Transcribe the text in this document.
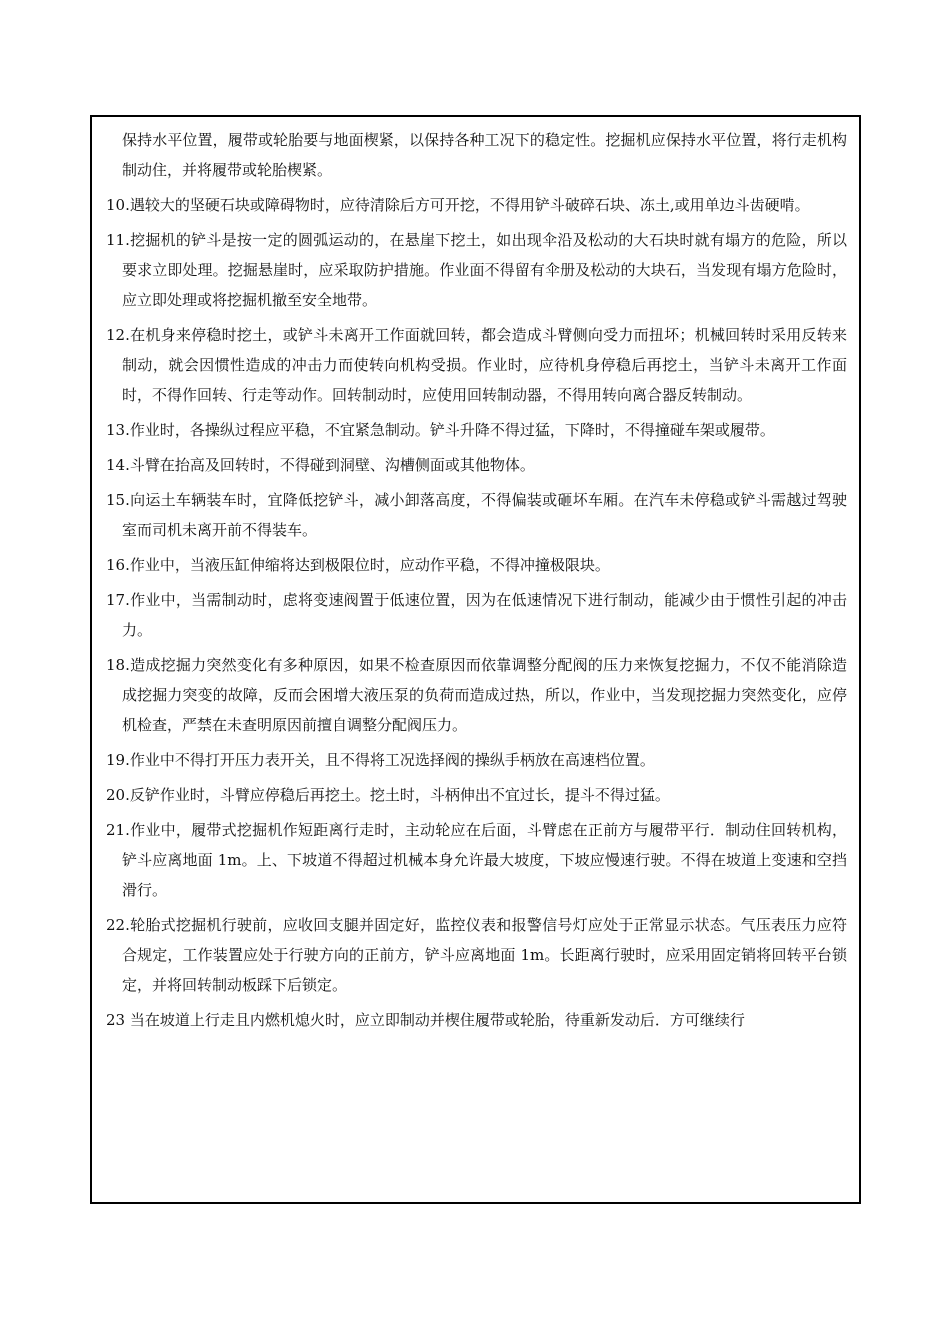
保持水平位置，履带或轮胎要与地面楔紧，以保持各种工况下的稳定性。挖掘机应保持水平位置，将行走机构制动住，并将履带或轮胎楔紧。
10.遇较大的坚硬石块或障碍物时，应待清除后方可开挖，不得用铲斗破碎石块、冻土,或用单边斗齿硬啃。
11.挖掘机的铲斗是按一定的圆弧运动的，在悬崖下挖土，如出现伞沿及松动的大石块时就有塌方的危险，所以要求立即处理。挖掘悬崖时，应采取防护措施。作业面不得留有伞册及松动的大块石，当发现有塌方危险时，应立即处理或将挖掘机撤至安全地带。
12.在机身来停稳时挖土，或铲斗未离开工作面就回转，都会造成斗臂侧向受力而扭坏；机械回转时采用反转来制动，就会因惯性造成的冲击力而使转向机构受损。作业时，应待机身停稳后再挖土，当铲斗未离开工作面时，不得作回转、行走等动作。回转制动时，应使用回转制动器，不得用转向离合器反转制动。
13.作业时，各操纵过程应平稳，不宜紧急制动。铲斗升降不得过猛，下降时，不得撞碰车架或履带。
14.斗臂在抬高及回转时，不得碰到洞壁、沟槽侧面或其他物体。
15.向运土车辆装车时，宜降低挖铲斗，减小卸落高度，不得偏装或砸坏车厢。在汽车未停稳或铲斗需越过驾驶室而司机未离开前不得装车。
16.作业中，当液压缸伸缩将达到极限位时，应动作平稳，不得冲撞极限块。
17.作业中，当需制动时，虑将变速阀置于低速位置，因为在低速情况下进行制动，能减少由于惯性引起的冲击力。
18.造成挖掘力突然变化有多种原因，如果不检查原因而依靠调整分配阀的压力来恢复挖掘力，不仅不能消除造成挖掘力突变的故障，反而会困增大液压泵的负荷而造成过热，所以，作业中，当发现挖掘力突然变化，应停机检查，严禁在未查明原因前擅自调整分配阀压力。
19.作业中不得打开压力表开关，且不得将工况选择阀的操纵手柄放在高速档位置。
20.反铲作业时，斗臂应停稳后再挖土。挖土时，斗柄伸出不宜过长，提斗不得过猛。
21.作业中，履带式挖掘机作短距离行走时，主动轮应在后面，斗臂虑在正前方与履带平行．制动住回转机构，铲斗应离地面 1m。上、下坡道不得超过机械本身允许最大坡度，下坡应慢速行驶。不得在坡道上变速和空挡滑行。
22.轮胎式挖掘机行驶前，应收回支腿并固定好，监控仪表和报警信号灯应处于正常显示状态。气压表压力应符合规定，工作装置应处于行驶方向的正前方，铲斗应离地面 1m。长距离行驶时，应采用固定销将回转平台锁定，并将回转制动板踩下后锁定。
23 当在坡道上行走且内燃机熄火时，应立即制动并楔住履带或轮胎，待重新发动后．方可继续行
